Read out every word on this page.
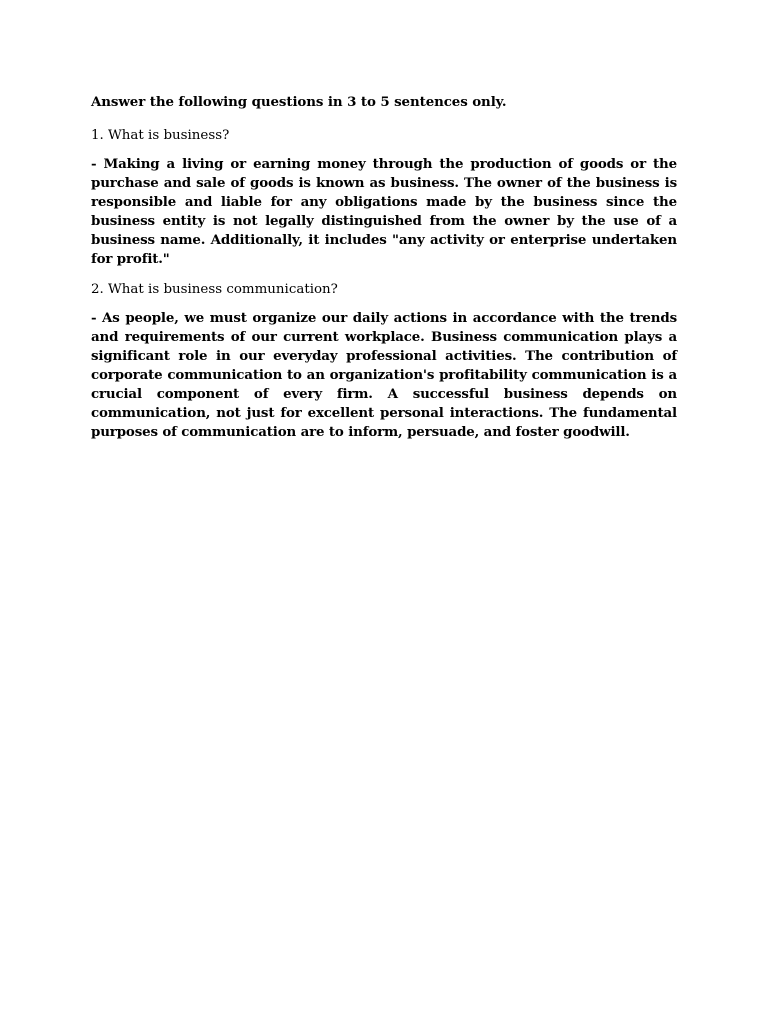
Answer the following questions in 3 to 5 sentences only.

1. What is business?

- Making a living or earning money through the production of goods or the purchase and sale of goods is known as business. The owner of the business is responsible and liable for any obligations made by the business since the business entity is not legally distinguished from the owner by the use of a business name. Additionally, it includes "any activity or enterprise undertaken for profit."

2. What is business communication?

- As people, we must organize our daily actions in accordance with the trends and requirements of our current workplace. Business communication plays a significant role in our everyday professional activities. The contribution of corporate communication to an organization's profitability communication is a crucial component of every firm. A successful business depends on communication, not just for excellent personal interactions. The fundamental purposes of communication are to inform, persuade, and foster goodwill.
